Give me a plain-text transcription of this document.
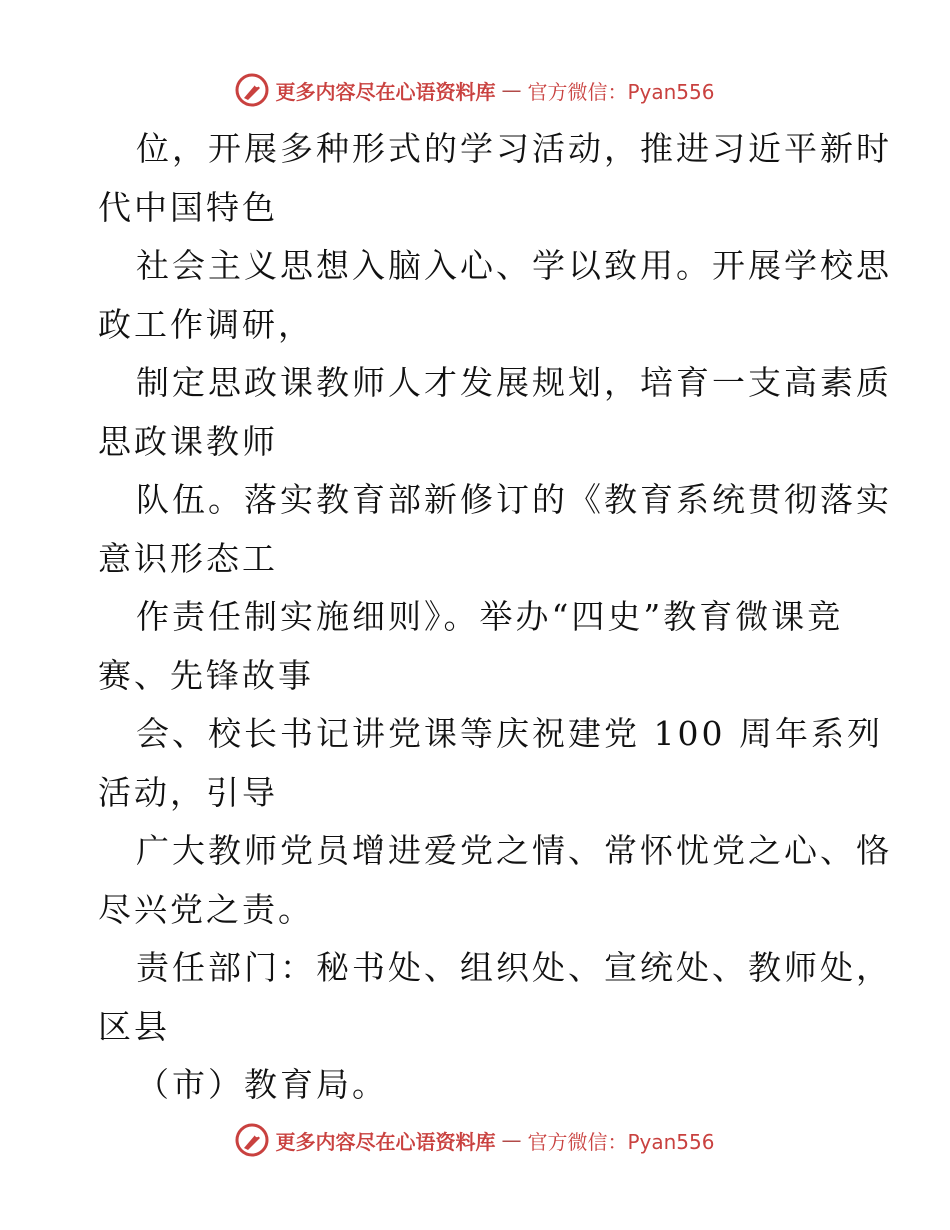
更多内容尽在心语资料库 — 官方微信：Pyan556
位，开展多种形式的学习活动，推进习近平新时
代中国特色
社会主义思想入脑入心、学以致用。开展学校思
政工作调研，
制定思政课教师人才发展规划，培育一支高素质
思政课教师
队伍。落实教育部新修订的《教育系统贯彻落实
意识形态工
作责任制实施细则》。举办“四史”教育微课竞
赛、先锋故事
会、校长书记讲党课等庆祝建党 100 周年系列
活动，引导
广大教师党员增进爱党之情、常怀忧党之心、恪
尽兴党之责。
责任部门：秘书处、组织处、宣统处、教师处，
区县
（市）教育局。
更多内容尽在心语资料库 — 官方微信：Pyan556
